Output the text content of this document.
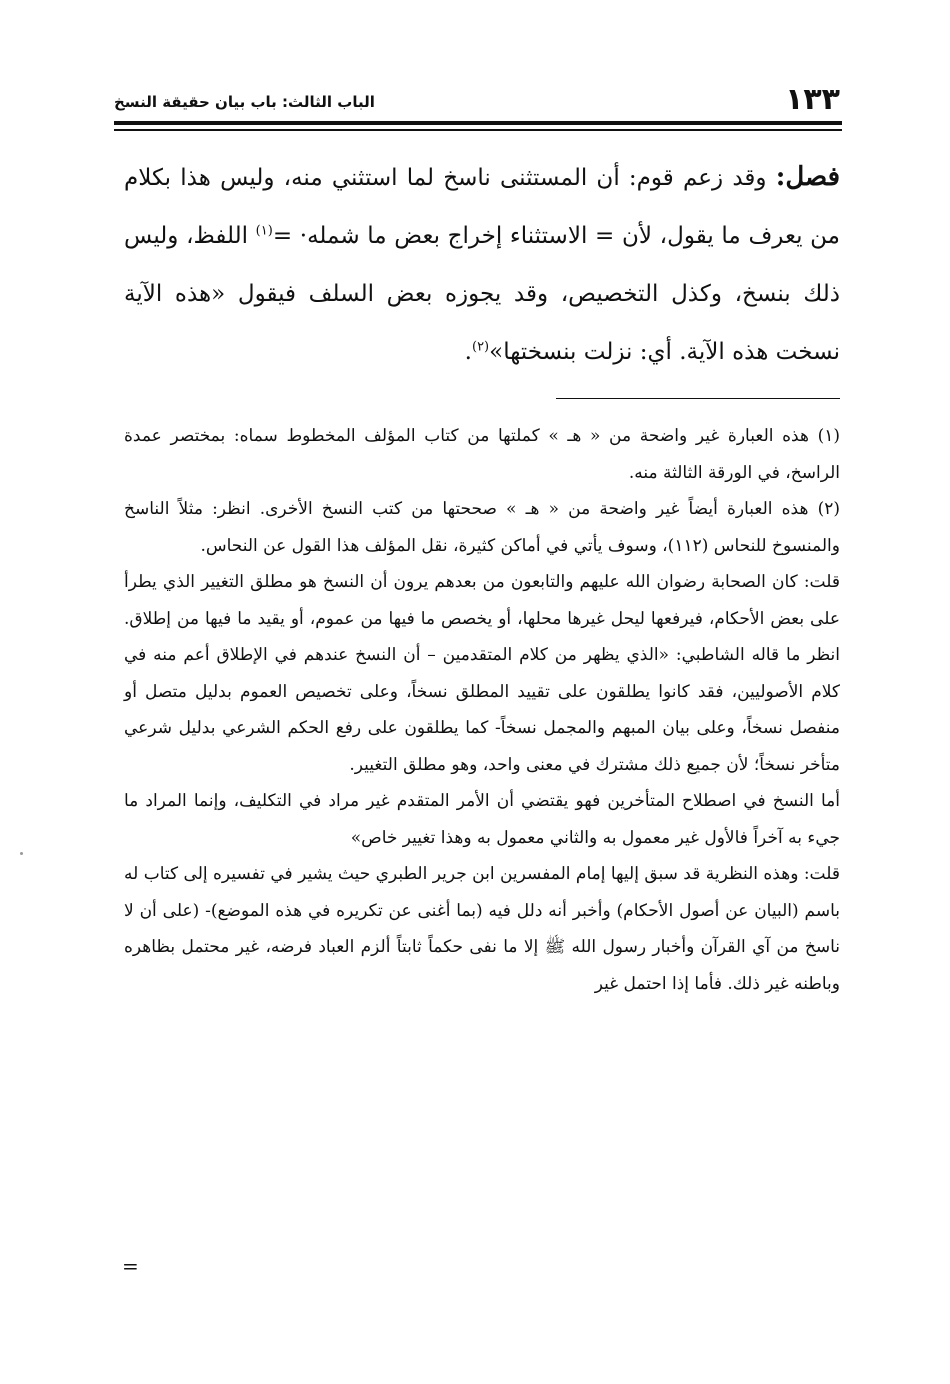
١٣٣
الباب الثالث: باب بيان حقيقة النسخ

فصل: وقد زعم قوم: أن المستثنى ناسخ لما استثني منه، وليس هذا بكلام من يعرف ما يقول، لأن = الاستثناء إخراج بعض ما شمله· =$^{(١)}$ اللفظ، وليس ذلك بنسخ، وكذل التخصيص، وقد يجوزه بعض السلف فيقول «هذه الآية نسخت هذه الآية. أي: نزلت بنسختها»$^{(٢)}$.

(١) هذه العبارة غير واضحة من « هـ » كملتها من كتاب المؤلف المخطوط سماه: بمختصر عمدة الراسخ، في الورقة الثالثة منه.

(٢) هذه العبارة أيضاً غير واضحة من « هـ » صححتها من كتب النسخ الأخرى. انظر: مثلاً الناسخ والمنسوخ للنحاس (١١٢)، وسوف يأتي في أماكن كثيرة، نقل المؤلف هذا القول عن النحاس.

قلت: كان الصحابة رضوان الله عليهم والتابعون من بعدهم يرون أن النسخ هو مطلق التغيير الذي يطرأ على بعض الأحكام، فيرفعها ليحل غيرها محلها، أو يخصص ما فيها من عموم، أو يقيد ما فيها من إطلاق. انظر ما قاله الشاطبي: «الذي يظهر من كلام المتقدمين – أن النسخ عندهم في الإطلاق أعم منه في كلام الأصوليين، فقد كانوا يطلقون على تقييد المطلق نسخاً، وعلى تخصيص العموم بدليل متصل أو منفصل نسخاً، وعلى بيان المبهم والمجمل نسخاً- كما يطلقون على رفع الحكم الشرعي بدليل شرعي متأخر نسخاً؛ لأن جميع ذلك مشترك في معنى واحد، وهو مطلق التغيير.

أما النسخ في اصطلاح المتأخرين فهو يقتضي أن الأمر المتقدم غير مراد في التكليف، وإنما المراد ما جيء به آخراً فالأول غير معمول به والثاني معمول به وهذا تغيير خاص»

قلت: وهذه النظرية قد سبق إليها إمام المفسرين ابن جرير الطبري حيث يشير في تفسيره إلى كتاب له باسم (البيان عن أصول الأحكام) وأخبر أنه دلل فيه (بما أغنى عن تكريره في هذه الموضع)- (على أن لا ناسخ من آي القرآن وأخبار رسول الله ﷺ إلا ما نفى حكماً ثابتاً ألزم العباد فرضه، غير محتمل بظاهره وباطنه غير ذلك. فأما إذا احتمل غير

=
